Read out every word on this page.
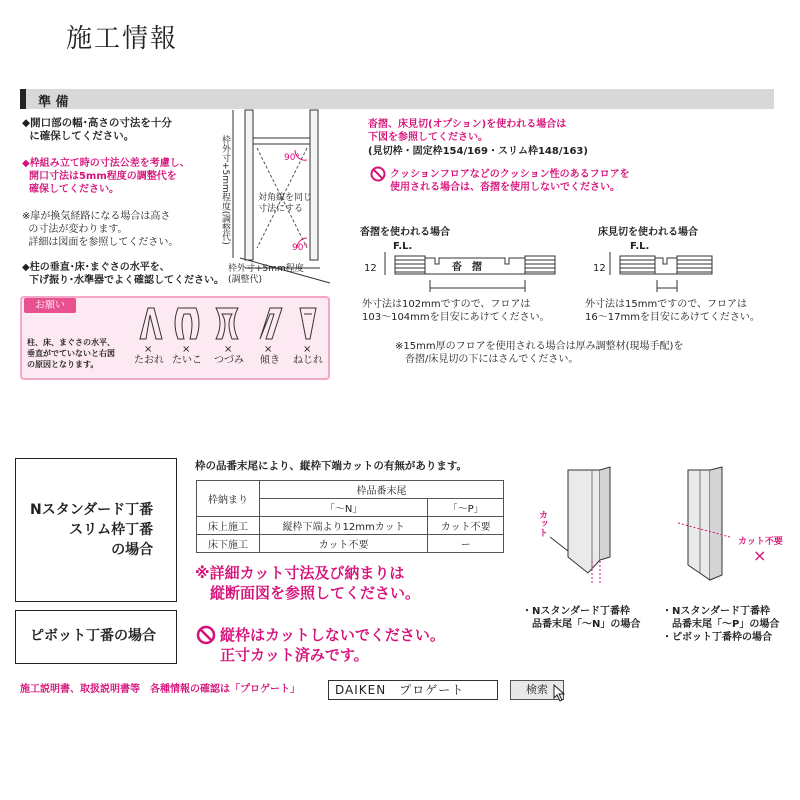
施工情報
準 備
◆開口部の幅･高さの寸法を十分
に確保してください。
◆枠組み立て時の寸法公差を考慮し、
開口寸法は5mm程度の調整代を
確保してください。
※扉が換気経路になる場合は高さ
の寸法が変わります。
詳細は図面を参照してください。
◆柱の垂直･床･まぐさの水平を、
下げ振り･水準器でよく確認してください。
枠外寸+5mm程度(調整代)	90°
90°
対角線を同じ
寸法にする
枠外寸+5mm程度
(調整代)
お願い
柱、床、まぐさの水平、
垂直がでていないと右図
の原因となります。
×	×	×	×	×
たおれ たいこ つづみ 傾き ねじれ
沓摺、床見切(オプション)を使われる場合は
下図を参照してください。
(見切枠・固定枠154/169・スリム枠148/163)
クッションフロアなどのクッション性のあるフロアを
使用される場合は、沓摺を使用しないでください。
沓摺を使われる場合	床見切を使われる場合
F.L.	F.L.
12	12
沓　摺
外寸法は102mmですので、フロアは
103～104mmを目安にあけてください。
外寸法は15mmですので、フロアは
16～17mmを目安にあけてください。
※15mm厚のフロアを使用される場合は厚み調整材(現場手配)を
　沓摺/床見切の下にはさんでください。
Nスタンダード丁番
スリム枠丁番
の場合
枠の品番末尾により、縦枠下端カットの有無があります。
枠納まり	枠品番末尾	
	「～N」	「～P」
床上施工	縦枠下端より12mmカット	カット不要
床下施工	カット不要	ー
※詳細カット寸法及び納まりは
　縦断面図を参照してください。
ピボット丁番の場合	縦枠はカットしないでください。
正寸カット済みです。
カット
カット不要
×
・Nスタンダード丁番枠
　品番末尾「～N」の場合
・Nスタンダード丁番枠
　品番末尾「～P」の場合
・ピボット丁番枠の場合
施工説明書、取扱説明書等　各種情報の確認は「プロゲート」	DAIKEN　プロゲート	検索
